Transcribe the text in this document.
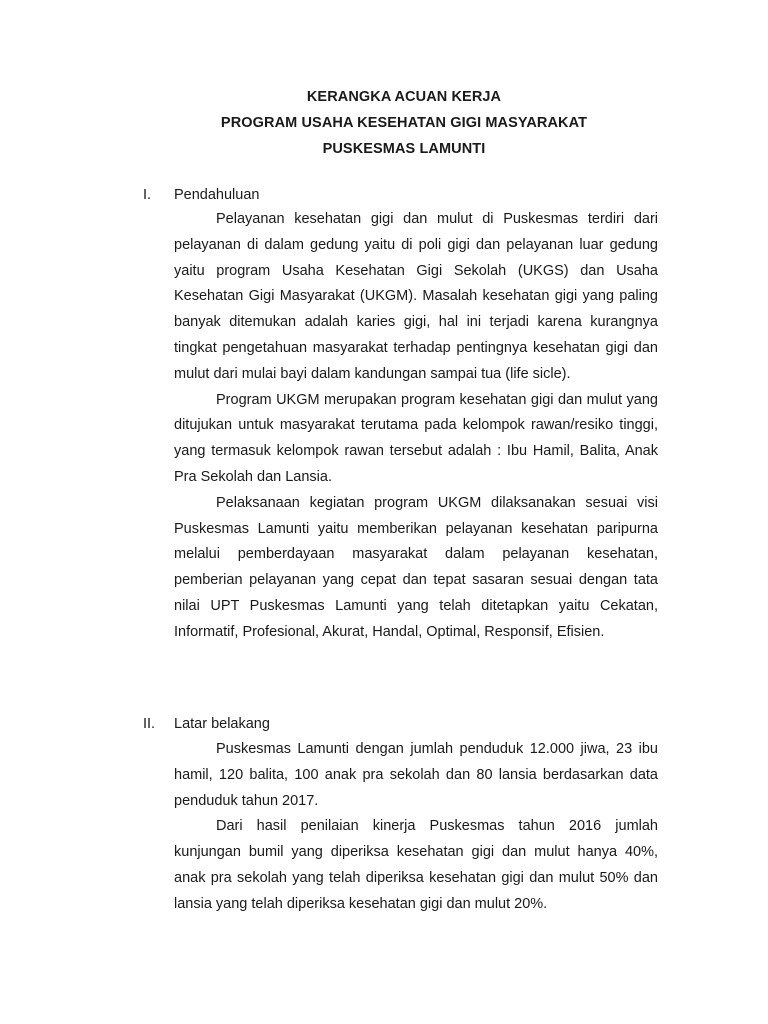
KERANGKA ACUAN KERJA
PROGRAM USAHA KESEHATAN GIGI MASYARAKAT
PUSKESMAS LAMUNTI
I. Pendahuluan

Pelayanan kesehatan gigi dan mulut di Puskesmas terdiri dari pelayanan di dalam gedung yaitu di poli gigi dan pelayanan luar gedung yaitu program Usaha Kesehatan Gigi Sekolah (UKGS) dan Usaha Kesehatan Gigi Masyarakat (UKGM). Masalah kesehatan gigi yang paling banyak ditemukan adalah karies gigi, hal ini terjadi karena kurangnya tingkat pengetahuan masyarakat terhadap pentingnya kesehatan gigi dan mulut dari mulai bayi dalam kandungan sampai tua (life sicle).

Program UKGM merupakan program kesehatan gigi dan mulut yang ditujukan untuk masyarakat terutama pada kelompok rawan/resiko tinggi, yang termasuk kelompok rawan tersebut adalah : Ibu Hamil, Balita, Anak Pra Sekolah dan Lansia.

Pelaksanaan kegiatan program UKGM dilaksanakan sesuai visi Puskesmas Lamunti yaitu memberikan pelayanan kesehatan paripurna melalui pemberdayaan masyarakat dalam pelayanan kesehatan, pemberian pelayanan yang cepat dan tepat sasaran sesuai dengan tata nilai UPT Puskesmas Lamunti yang telah ditetapkan yaitu Cekatan, Informatif, Profesional, Akurat, Handal, Optimal, Responsif, Efisien.

II. Latar belakang

Puskesmas Lamunti dengan jumlah penduduk 12.000 jiwa, 23 ibu hamil, 120 balita, 100 anak pra sekolah dan 80 lansia berdasarkan data penduduk tahun 2017.

Dari hasil penilaian kinerja Puskesmas tahun 2016 jumlah kunjungan bumil yang diperiksa kesehatan gigi dan mulut hanya 40%, anak pra sekolah yang telah diperiksa kesehatan gigi dan mulut 50% dan lansia yang telah diperiksa kesehatan gigi dan mulut 20%.
